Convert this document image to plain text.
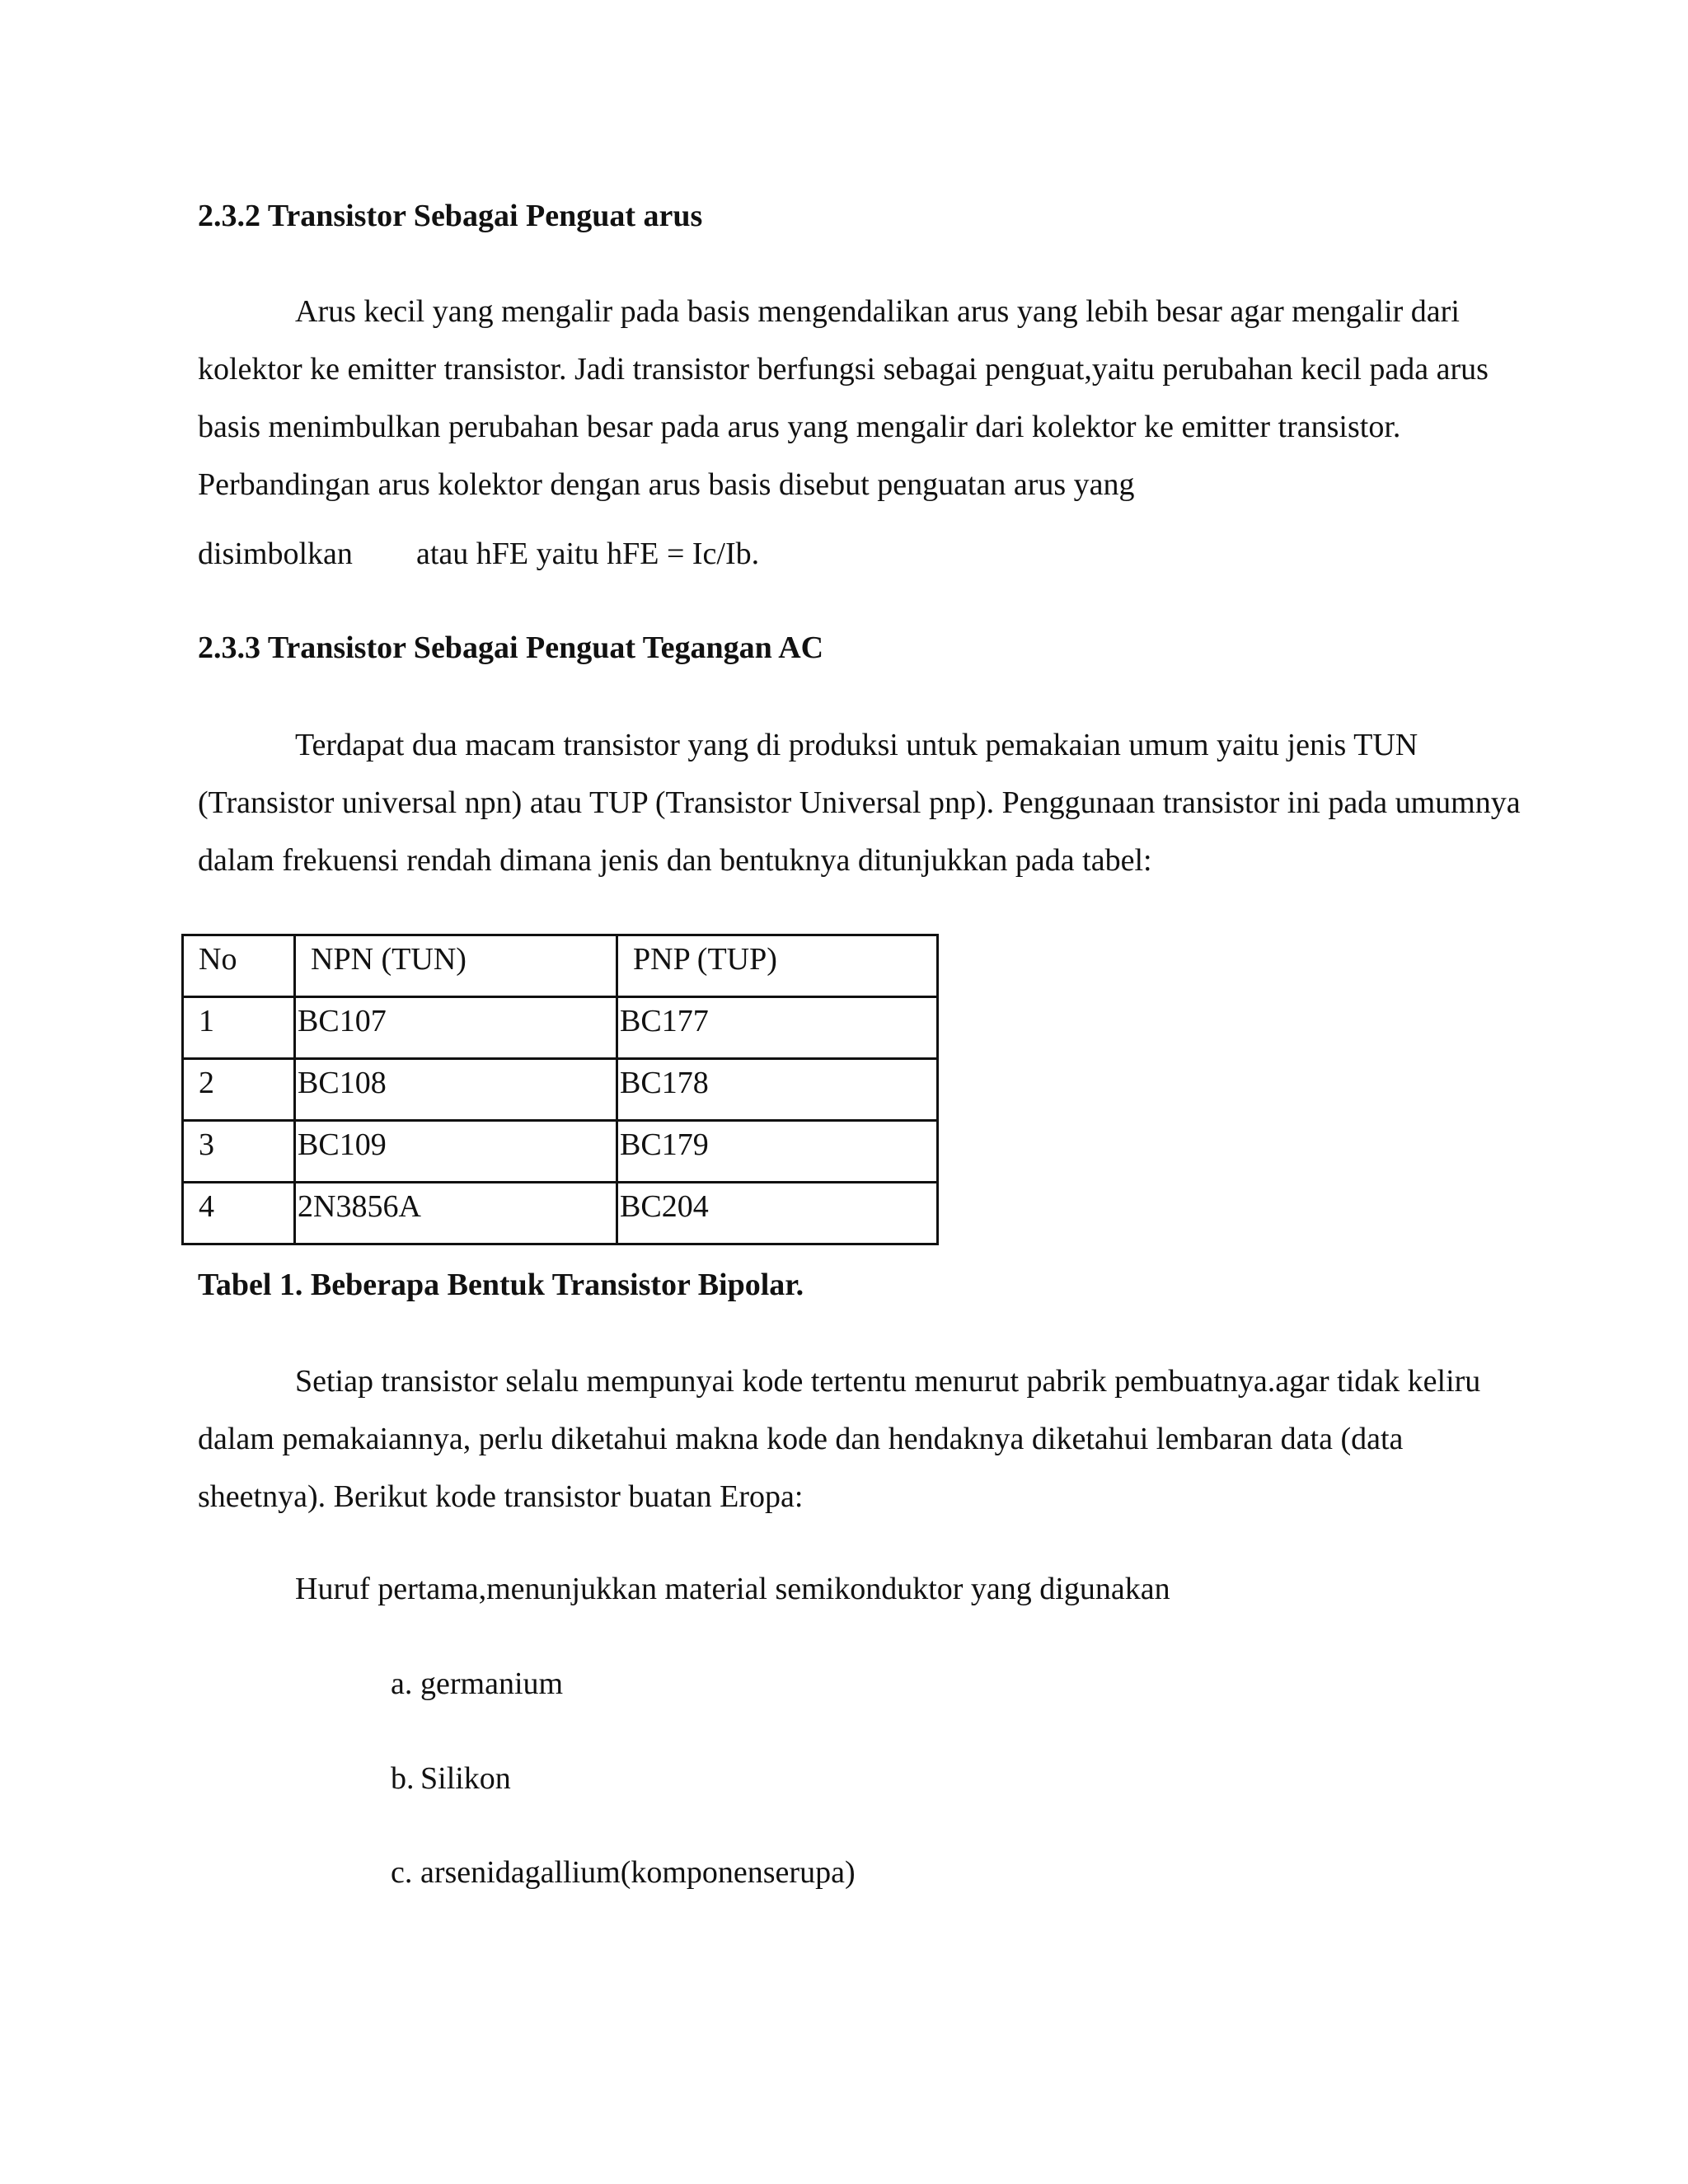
2.3.2 Transistor Sebagai Penguat arus

Arus kecil yang mengalir pada basis mengendalikan arus yang lebih besar agar mengalir dari kolektor ke emitter transistor. Jadi transistor berfungsi sebagai penguat,yaitu perubahan kecil pada arus basis menimbulkan perubahan besar pada arus yang mengalir dari kolektor ke emitter transistor. Perbandingan arus kolektor dengan arus basis disebut penguatan arus yang

disimbolkan atau hFE yaitu hFE = Ic/Ib.
2.3.3 Transistor Sebagai Penguat Tegangan AC

Terdapat dua macam transistor yang di produksi untuk pemakaian umum yaitu jenis TUN (Transistor universal npn) atau TUP (Transistor Universal pnp). Penggunaan transistor ini pada umumnya dalam frekuensi rendah dimana jenis dan bentuknya ditunjukkan pada tabel:

No	NPN (TUN)	PNP (TUP)
1	BC107	BC177
2	BC108	BC178
3	BC109	BC179
4	2N3856A	BC204
Tabel 1. Beberapa Bentuk Transistor Bipolar.

Setiap transistor selalu mempunyai kode tertentu menurut pabrik pembuatnya.agar tidak keliru dalam pemakaiannya, perlu diketahui makna kode dan hendaknya diketahui lembaran data (data sheetnya). Berikut kode transistor buatan Eropa:

Huruf pertama,menunjukkan material semikonduktor yang digunakan
a. germanium
b. Silikon
c. arsenidagallium(komponenserupa)
